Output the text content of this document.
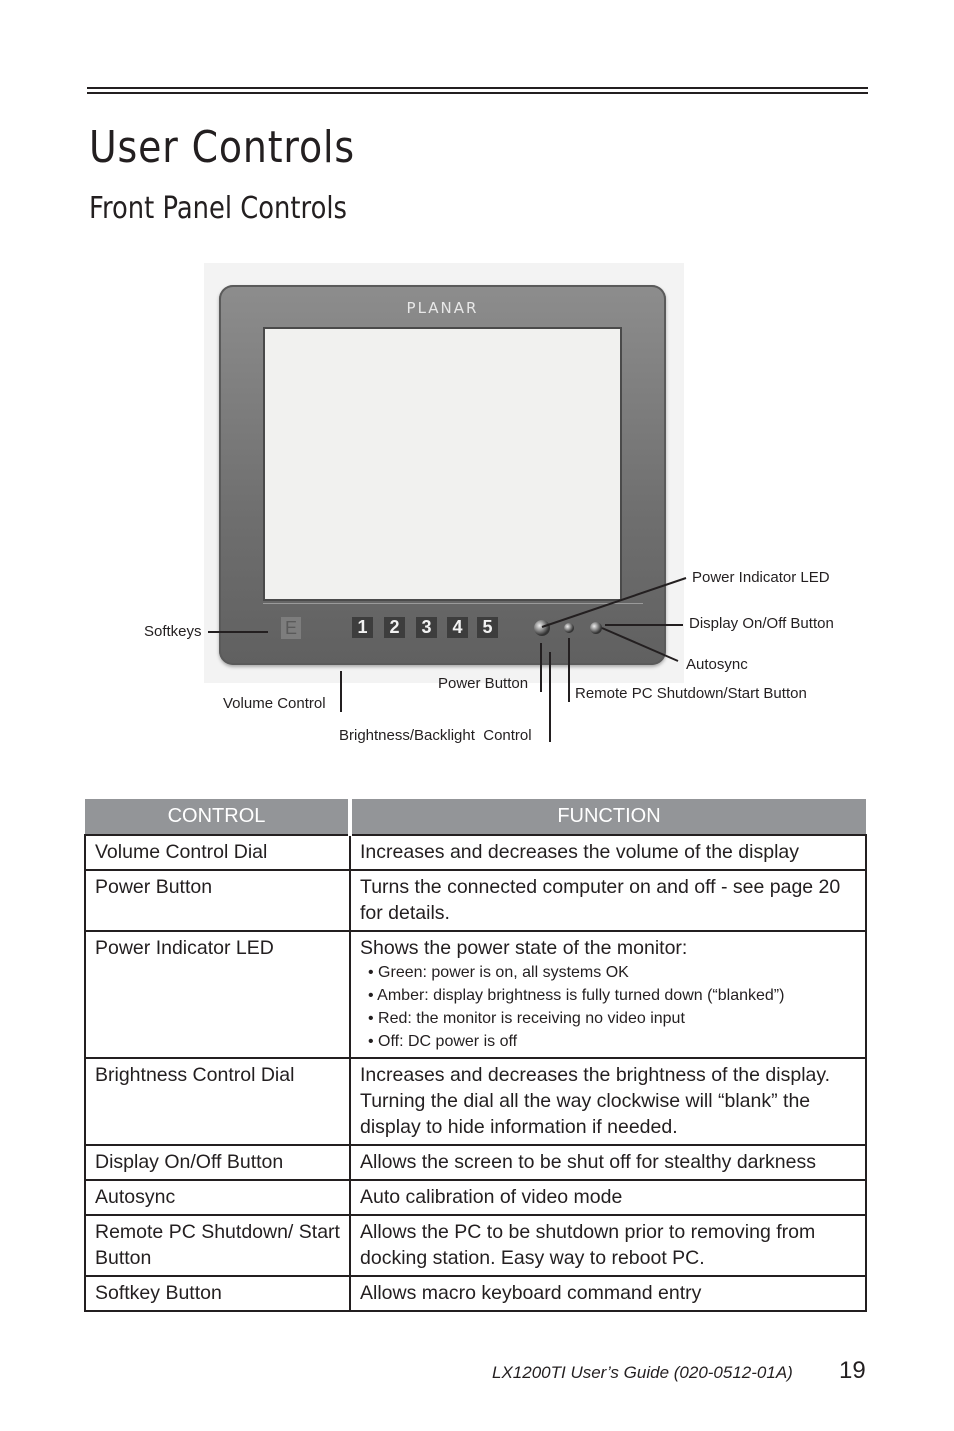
User Controls
Front Panel Controls
PLANAR
E	1	2	3	4	5
Power Indicator LED
Display On/Off Button
Autosync
Softkeys
Power Button
Remote PC Shutdown/Start Button
Volume Control
Brightness/Backlight  Control
CONTROL	FUNCTION
Volume Control Dial	Increases and decreases the volume of the display
Power Button	Turns the connected computer on and off - see page 20 for details.
Power Indicator LED	Shows the power state of the monitor:
• Green: power is on, all systems OK
• Amber: display brightness is fully turned down (“blanked”)
• Red: the monitor is receiving no video input
• Off: DC power is off

Brightness Control Dial	Increases and decreases the brightness of the display. Turning the dial all the way clockwise will “blank” the display to hide information if needed.
Display On/Off Button	Allows the screen to be shut off for stealthy darkness
Autosync	Auto calibration of video mode
Remote PC Shutdown/ Start Button	Allows the PC to be shutdown prior to removing from docking station. Easy way to reboot PC.
Softkey Button	Allows macro keyboard command entry
LX1200TI User’s Guide (020-0512-01A) 19
